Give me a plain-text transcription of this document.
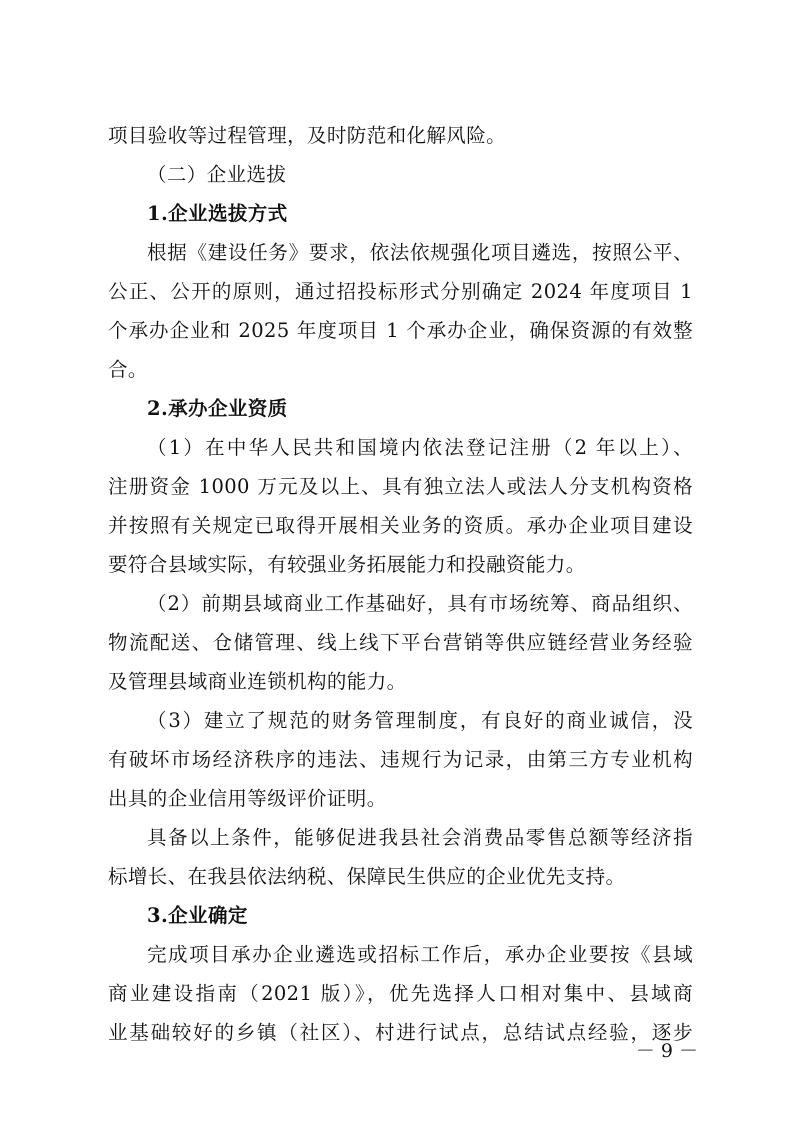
项目验收等过程管理，及时防范和化解风险。
（二）企业选拔
1.企业选拔方式
根据《建设任务》要求，依法依规强化项目遴选，按照公平、
公正、公开的原则，通过招投标形式分别确定 2024 年度项目 1
个承办企业和 2025 年度项目 1 个承办企业，确保资源的有效整
合。
2.承办企业资质
（1）在中华人民共和国境内依法登记注册（2 年以上）、
注册资金 1000 万元及以上、具有独立法人或法人分支机构资格
并按照有关规定已取得开展相关业务的资质。承办企业项目建设
要符合县域实际，有较强业务拓展能力和投融资能力。
（2）前期县域商业工作基础好，具有市场统筹、商品组织、
物流配送、仓储管理、线上线下平台营销等供应链经营业务经验
及管理县域商业连锁机构的能力。
（3）建立了规范的财务管理制度，有良好的商业诚信，没
有破坏市场经济秩序的违法、违规行为记录，由第三方专业机构
出具的企业信用等级评价证明。
具备以上条件，能够促进我县社会消费品零售总额等经济指
标增长、在我县依法纳税、保障民生供应的企业优先支持。
3.企业确定
完成项目承办企业遴选或招标工作后，承办企业要按《县域
商业建设指南（2021 版）》，优先选择人口相对集中、县域商
业基础较好的乡镇（社区）、村进行试点，总结试点经验，逐步
－ 9 －
